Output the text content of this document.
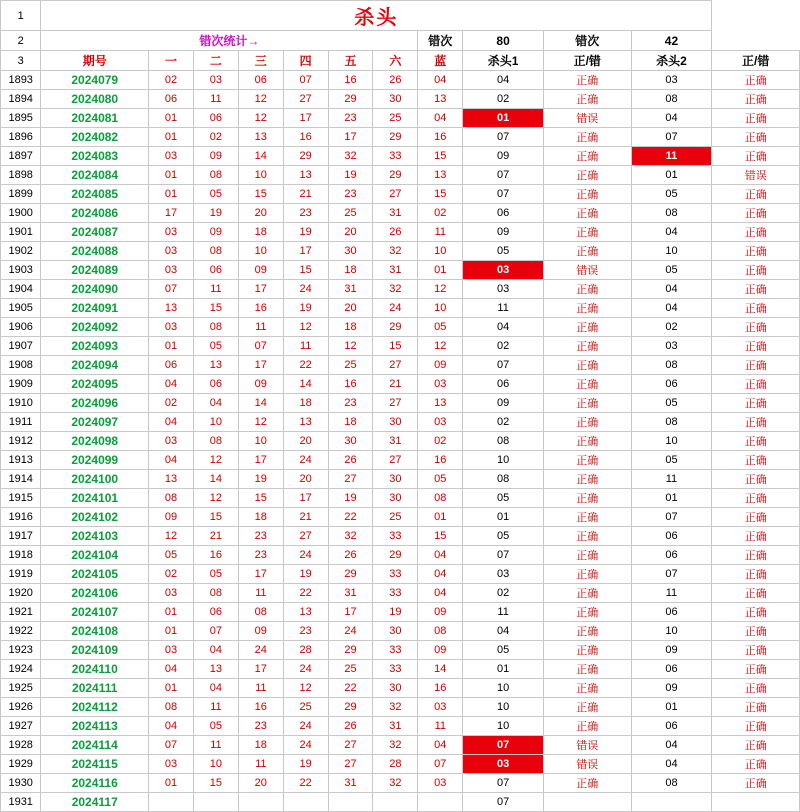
1	杀头											
2	错次统计→							错次	80	错次	42	
3	期号	一	二	三	四	五	六	蓝	杀头1	正/错	杀头2	正/错
1893	2024079	02	03	06	07	16	26	04	04	正确	03	正确
1894	2024080	06	11	12	27	29	30	13	02	正确	08	正确
1895	2024081	01	06	12	17	23	25	04	01	错误	04	正确
1896	2024082	01	02	13	16	17	29	16	07	正确	07	正确
1897	2024083	03	09	14	29	32	33	15	09	正确	11	正确
1898	2024084	01	08	10	13	19	29	13	07	正确	01	错误
1899	2024085	01	05	15	21	23	27	15	07	正确	05	正确
1900	2024086	17	19	20	23	25	31	02	06	正确	08	正确
1901	2024087	03	09	18	19	20	26	11	09	正确	04	正确
1902	2024088	03	08	10	17	30	32	10	05	正确	10	正确
1903	2024089	03	06	09	15	18	31	01	03	错误	05	正确
1904	2024090	07	11	17	24	31	32	12	03	正确	04	正确
1905	2024091	13	15	16	19	20	24	10	11	正确	04	正确
1906	2024092	03	08	11	12	18	29	05	04	正确	02	正确
1907	2024093	01	05	07	11	12	15	12	02	正确	03	正确
1908	2024094	06	13	17	22	25	27	09	07	正确	08	正确
1909	2024095	04	06	09	14	16	21	03	06	正确	06	正确
1910	2024096	02	04	14	18	23	27	13	09	正确	05	正确
1911	2024097	04	10	12	13	18	30	03	02	正确	08	正确
1912	2024098	03	08	10	20	30	31	02	08	正确	10	正确
1913	2024099	04	12	17	24	26	27	16	10	正确	05	正确
1914	2024100	13	14	19	20	27	30	05	08	正确	11	正确
1915	2024101	08	12	15	17	19	30	08	05	正确	01	正确
1916	2024102	09	15	18	21	22	25	01	01	正确	07	正确
1917	2024103	12	21	23	27	32	33	15	05	正确	06	正确
1918	2024104	05	16	23	24	26	29	04	07	正确	06	正确
1919	2024105	02	05	17	19	29	33	04	03	正确	07	正确
1920	2024106	03	08	11	22	31	33	04	02	正确	11	正确
1921	2024107	01	06	08	13	17	19	09	11	正确	06	正确
1922	2024108	01	07	09	23	24	30	08	04	正确	10	正确
1923	2024109	03	04	24	28	29	33	09	05	正确	09	正确
1924	2024110	04	13	17	24	25	33	14	01	正确	06	正确
1925	2024111	01	04	11	12	22	30	16	10	正确	09	正确
1926	2024112	08	11	16	25	29	32	03	10	正确	01	正确
1927	2024113	04	05	23	24	26	31	11	10	正确	06	正确
1928	2024114	07	11	18	24	27	32	04	07	错误	04	正确
1929	2024115	03	10	11	19	27	28	07	03	错误	04	正确
1930	2024116	01	15	20	22	31	32	03	07	正确	08	正确
1931	2024117								07			
